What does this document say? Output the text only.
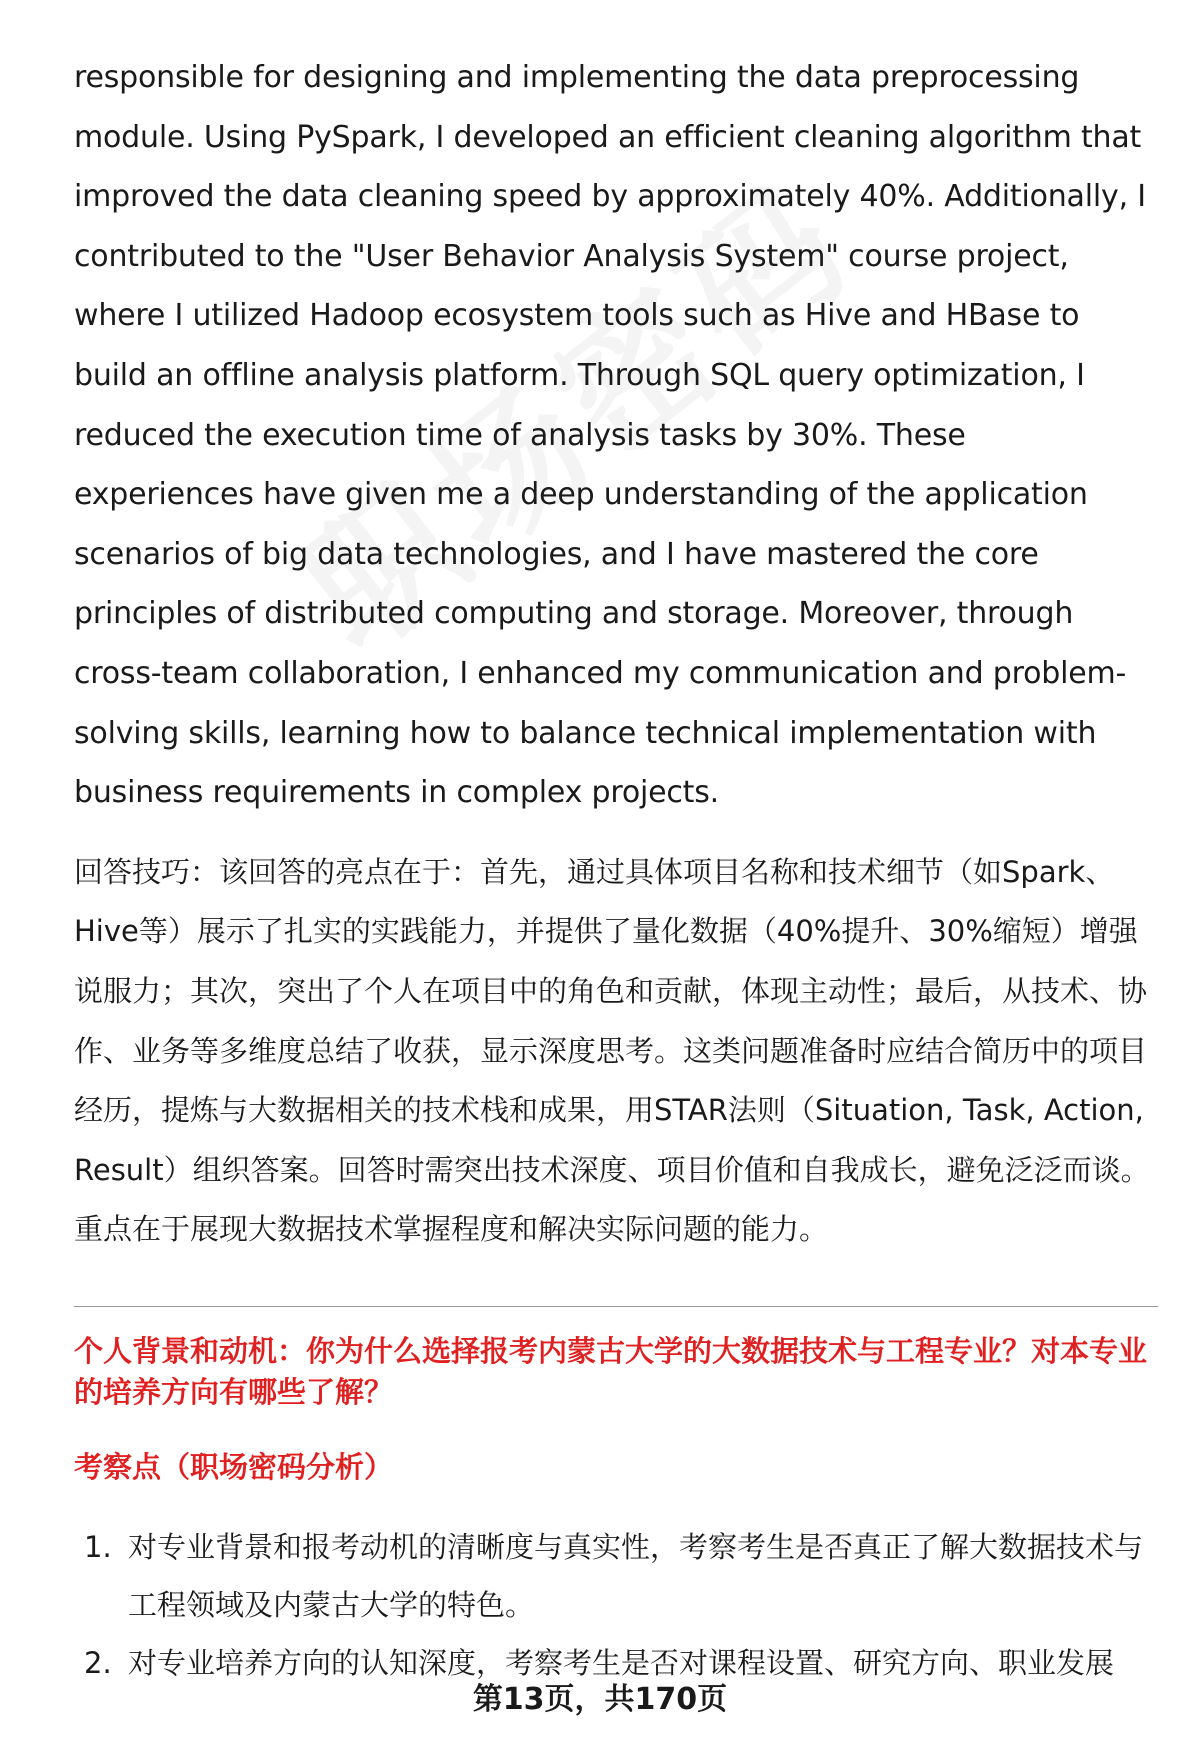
responsible for designing and implementing the data preprocessing module. Using PySpark, I developed an efficient cleaning algorithm that improved the data cleaning speed by approximately 40%. Additionally, I contributed to the "User Behavior Analysis System" course project, where I utilized Hadoop ecosystem tools such as Hive and HBase to build an offline analysis platform. Through SQL query optimization, I reduced the execution time of analysis tasks by 30%. These experiences have given me a deep understanding of the application scenarios of big data technologies, and I have mastered the core principles of distributed computing and storage. Moreover, through cross-team collaboration, I enhanced my communication and problem-solving skills, learning how to balance technical implementation with business requirements in complex projects.

回答技巧：该回答的亮点在于：首先，通过具体项目名称和技术细节（如Spark、Hive等）展示了扎实的实践能力，并提供了量化数据（40%提升、30%缩短）增强说服力；其次，突出了个人在项目中的角色和贡献，体现主动性；最后，从技术、协作、业务等多维度总结了收获，显示深度思考。这类问题准备时应结合简历中的项目经历，提炼与大数据相关的技术栈和成果，用STAR法则（Situation, Task, Action, Result）组织答案。回答时需突出技术深度、项目价值和自我成长，避免泛泛而谈。重点在于展现大数据技术掌握程度和解决实际问题的能力。

个人背景和动机：你为什么选择报考内蒙古大学的大数据技术与工程专业？对本专业的培养方向有哪些了解？
考察点（职场密码分析）
1. 对专业背景和报考动机的清晰度与真实性，考察考生是否真正了解大数据技术与工程领域及内蒙古大学的特色。
2. 对专业培养方向的认知深度，考察考生是否对课程设置、研究方向、职业发展
第13页，共170页
